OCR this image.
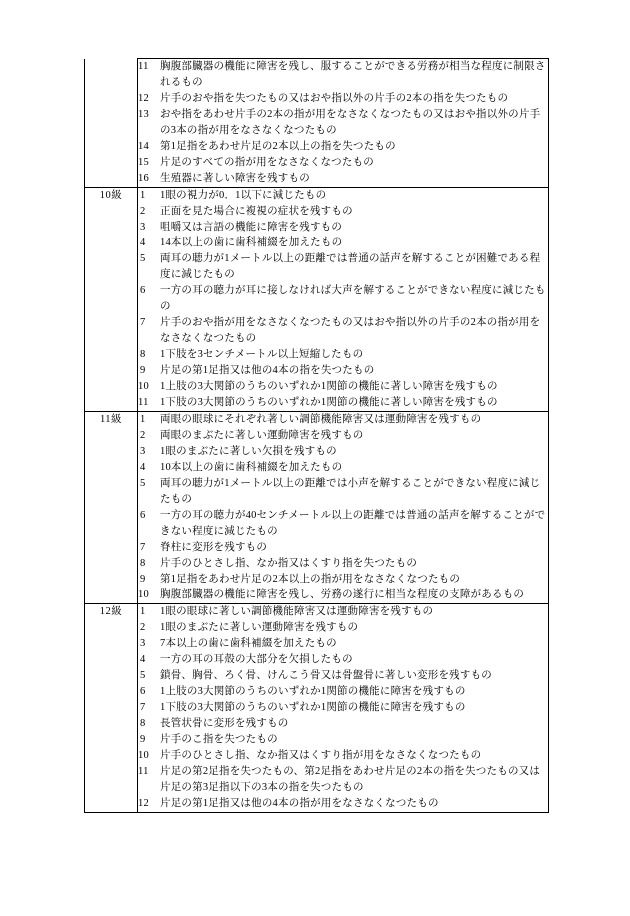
11	胸腹部臓器の機能に障害を残し、服することができる労務が相当な程度に制限されるもの
12	片手のおや指を失つたもの又はおや指以外の片手の2本の指を失つたもの
13	おや指をあわせ片手の2本の指が用をなさなくなつたもの又はおや指以外の片手の3本の指が用をなさなくなつたもの
14	第1足指をあわせ片足の2本以上の指を失つたもの
15	片足のすべての指が用をなさなくなつたもの
16	生殖器に著しい障害を残すもの

10級	1	1眼の視力が0．1以下に減じたもの
2	正面を見た場合に複視の症状を残すもの
3	咀嚼又は言語の機能に障害を残すもの
4	14本以上の歯に歯科補綴を加えたもの
5	両耳の聴力が1メートル以上の距離では普通の話声を解することが困難である程度に減じたもの
6	一方の耳の聴力が耳に接しなければ大声を解することができない程度に減じたもの
7	片手のおや指が用をなさなくなつたもの又はおや指以外の片手の2本の指が用をなさなくなつたもの
8	1下肢を3センチメートル以上短縮したもの
9	片足の第1足指又は他の4本の指を失つたもの
10	1上肢の3大関節のうちのいずれか1関節の機能に著しい障害を残すもの
11	1下肢の3大関節のうちのいずれか1関節の機能に著しい障害を残すもの

11級	1	両眼の眼球にそれぞれ著しい調節機能障害又は運動障害を残すもの
2	両眼のまぶたに著しい運動障害を残すもの
3	1眼のまぶたに著しい欠損を残すもの
4	10本以上の歯に歯科補綴を加えたもの
5	両耳の聴力が1メートル以上の距離では小声を解することができない程度に減じたもの
6	一方の耳の聴力が40センチメートル以上の距離では普通の話声を解することができない程度に減じたもの
7	脊柱に変形を残すもの
8	片手のひとさし指、なか指又はくすり指を失つたもの
9	第1足指をあわせ片足の2本以上の指が用をなさなくなつたもの
10	胸腹部臓器の機能に障害を残し、労務の遂行に相当な程度の支障があるもの

12級	1	1眼の眼球に著しい調節機能障害又は運動障害を残すもの
2	1眼のまぶたに著しい運動障害を残すもの
3	7本以上の歯に歯科補綴を加えたもの
4	一方の耳の耳殻の大部分を欠損したもの
5	鎖骨、胸骨、ろく骨、けんこう骨又は骨盤骨に著しい変形を残すもの
6	1上肢の3大関節のうちのいずれか1関節の機能に障害を残すもの
7	1下肢の3大関節のうちのいずれか1関節の機能に障害を残すもの
8	長管状骨に変形を残すもの
9	片手のこ指を失つたもの
10	片手のひとさし指、なか指又はくすり指が用をなさなくなつたもの
11	片足の第2足指を失つたもの、第2足指をあわせ片足の2本の指を失つたもの又は片足の第3足指以下の3本の指を失つたもの
12	片足の第1足指又は他の4本の指が用をなさなくなつたもの
